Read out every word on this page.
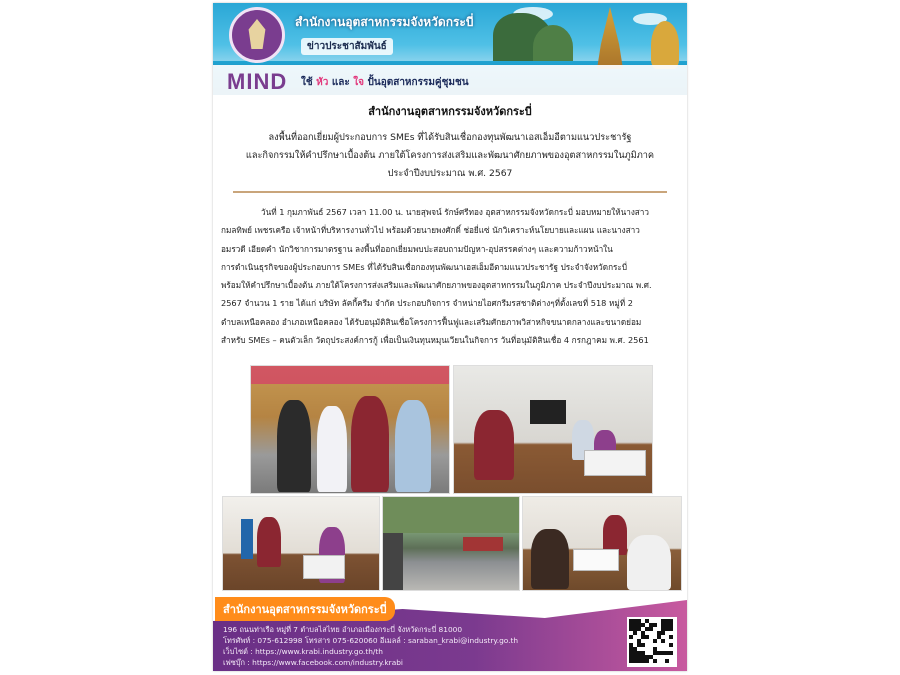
สำนักงานอุตสาหกรรมจังหวัดกระบี่
ข่าวประชาสัมพันธ์
MIND ใช้ หัว และ ใจ ปั้นอุตสาหกรรมคู่ชุมชน
สำนักงานอุตสาหกรรมจังหวัดกระบี่
ลงพื้นที่ออกเยี่ยมผู้ประกอบการ SMEs ที่ได้รับสินเชื่อกองทุนพัฒนาเอสเอ็มอีตามแนวประชารัฐ
และกิจกรรมให้คำปรึกษาเบื้องต้น ภายใต้โครงการส่งเสริมและพัฒนาศักยภาพของอุตสาหกรรมในภูมิภาค
ประจำปีงบประมาณ พ.ศ. 2567
วันที่ 1 กุมภาพันธ์ 2567 เวลา 11.00 น. นายสุพจน์ รักษ์ศรีทอง อุตสาหกรรมจังหวัดกระบี่ มอบหมายให้นางสาว
กมลทิพย์ เพชรเครือ เจ้าหน้าที่บริหารงานทั่วไป พร้อมด้วยนายพงศักดิ์ ช่อยี่แซ่ นักวิเคราะห์นโยบายและแผน และนางสาว
อมรวดี เอียดคำ นักวิชาการมาตรฐาน ลงพื้นที่ออกเยี่ยมพบปะสอบถามปัญหา-อุปสรรคต่างๆ และความก้าวหน้าใน
การดำเนินธุรกิจของผู้ประกอบการ SMEs ที่ได้รับสินเชื่อกองทุนพัฒนาเอสเอ็มอีตามแนวประชารัฐ ประจำจังหวัดกระบี่
พร้อมให้คำปรึกษาเบื้องต้น ภายใต้โครงการส่งเสริมและพัฒนาศักยภาพของอุตสาหกรรมในภูมิภาค ประจำปีงบประมาณ พ.ศ.
2567 จำนวน 1 ราย ได้แก่ บริษัท ลัคกี้ครีม จำกัด ประกอบกิจการ จำหน่ายไอศกรีมรสชาติต่างๆที่ตั้งเลขที่ 518 หมู่ที่ 2
ตำบลเหนือคลอง อำเภอเหนือคลอง ได้รับอนุมัติสินเชื่อโครงการฟื้นฟูและเสริมศักยภาพวิสาหกิจขนาดกลางและขนาดย่อม
สำหรับ SMEs – คนตัวเล็ก วัตถุประสงค์การกู้ เพื่อเป็นเงินทุนหมุนเวียนในกิจการ วันที่อนุมัติสินเชื่อ 4 กรกฎาคม พ.ศ. 2561
สำนักงานอุตสาหกรรมจังหวัดกระบี่
196 ถนนท่าเรือ หมู่ที่ 7 ตำบลไสไทย อำเภอเมืองกระบี่ จังหวัดกระบี่ 81000
โทรศัพท์ : 075-612998 โทรสาร 075-620060 อีเมลล์ : saraban_krabi@industry.go.th
เว็บไซต์ : https://www.krabi.industry.go.th/th
เฟซบุ๊ก : https://www.facebook.com/industry.krabi
